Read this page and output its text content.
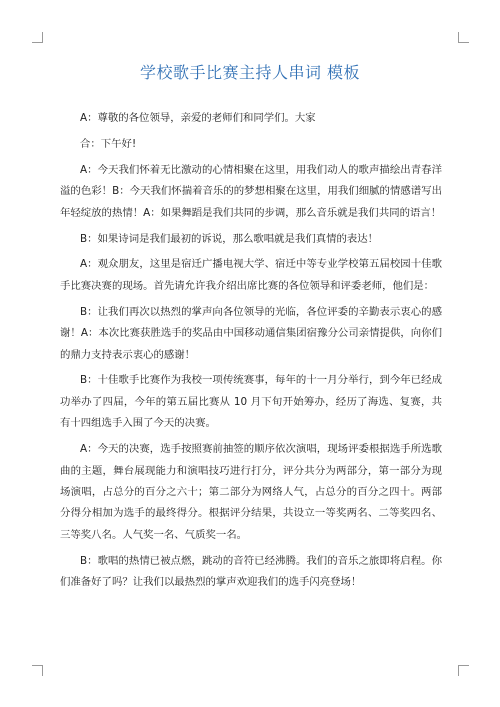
学校歌手比赛主持人串词 模板

A：尊敬的各位领导，亲爱的老师们和同学们。大家

合：下午好!

A：今天我们怀着无比激动的心情相聚在这里，用我们动人的歌声描绘出青春洋溢的色彩！B：今天我们怀揣着音乐的的梦想相聚在这里，用我们细腻的情感谱写出年轻绽放的热情！A：如果舞蹈是我们共同的步调，那么音乐就是我们共同的语言！

B：如果诗词是我们最初的诉说，那么歌唱就是我们真情的表达！

A：观众朋友，这里是宿迁广播电视大学、宿迁中等专业学校第五届校园十佳歌手比赛决赛的现场。首先请允许我介绍出席比赛的各位领导和评委老师，他们是：

B：让我们再次以热烈的掌声向各位领导的光临，各位评委的辛勤表示衷心的感谢！A：本次比赛获胜选手的奖品由中国移动通信集团宿豫分公司亲情提供，向你们的鼎力支持表示衷心的感谢！

B：十佳歌手比赛作为我校一项传统赛事，每年的十一月分举行，到今年已经成功举办了四届，今年的第五届比赛从 10 月下旬开始筹办，经历了海选、复赛，共有十四组选手入围了今天的决赛。

A：今天的决赛，选手按照赛前抽签的顺序依次演唱，现场评委根据选手所选歌曲的主题，舞台展现能力和演唱技巧进行打分，评分共分为两部分，第一部分为现场演唱，占总分的百分之六十；第二部分为网络人气，占总分的百分之四十。两部分得分相加为选手的最终得分。根据评分结果，共设立一等奖两名、二等奖四名、三等奖八名。人气奖一名、气质奖一名。

B：歌唱的热情已被点燃，跳动的音符已经沸腾。我们的音乐之旅即将启程。你们准备好了吗？让我们以最热烈的掌声欢迎我们的选手闪亮登场！
